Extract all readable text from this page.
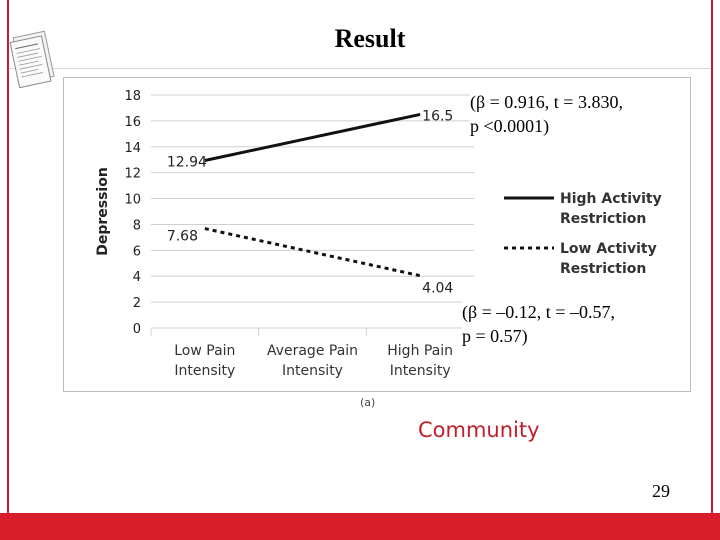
Result
0
2
4
6
8
10
12
14
16
18
Low Pain
Intensity
Average Pain
Intensity
High Pain
Intensity
Depression
12.94
16.5
7.68
4.04
High Activity
Restriction
Low Activity
Restriction
(β = 0.916, t = 3.830,
p <0.0001)
(β = –0.12, t = –0.57,
p = 0.57)
(a)
Community
29
